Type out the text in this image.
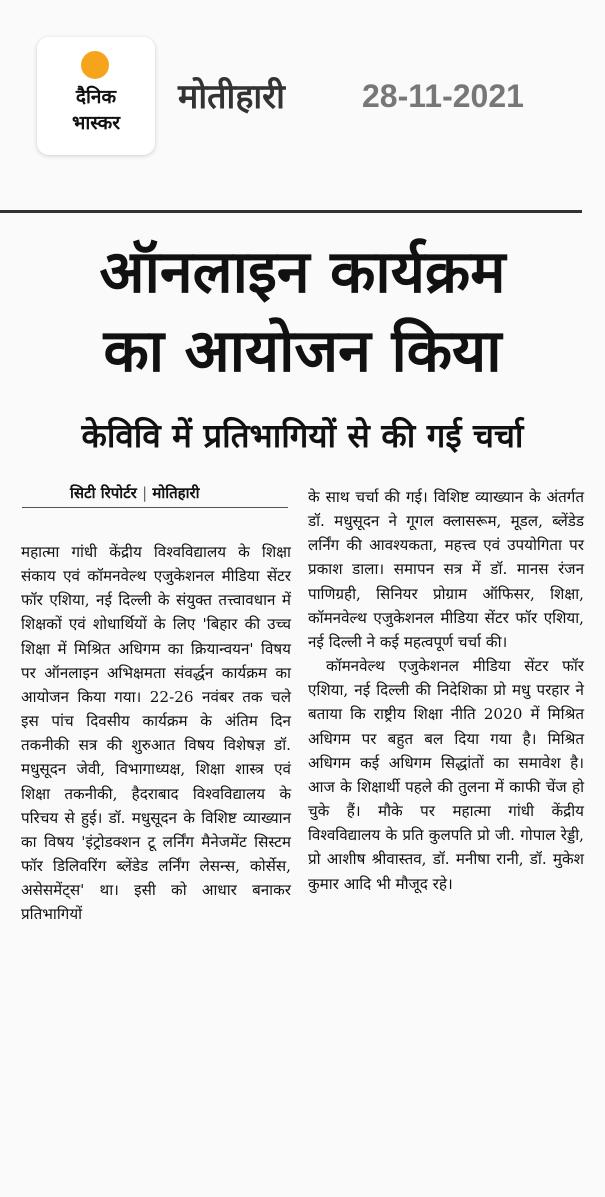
दैनिक
भास्कर
मोतीहारी 28-11-2021
ऑनलाइन कार्यक्रम
का आयोजन किया
केविवि में प्रतिभागियों से की गई चर्चा
सिटी रिपोर्टर | मोतिहारी

महात्मा गांधी केंद्रीय विश्वविद्यालय के शिक्षा संकाय एवं कॉमनवेल्थ एजुकेशनल मीडिया सेंटर फॉर एशिया, नई दिल्ली के संयुक्त तत्त्वावधान में शिक्षकों एवं शोधार्थियों के लिए 'बिहार की उच्च शिक्षा में मिश्रित अधिगम का क्रियान्वयन' विषय पर ऑनलाइन अभिक्षमता संवर्द्धन कार्यक्रम का आयोजन किया गया। 22-26 नवंबर तक चले इस पांच दिवसीय कार्यक्रम के अंतिम दिन तकनीकी सत्र की शुरुआत विषय विशेषज्ञ डॉ. मधुसूदन जेवी, विभागाध्यक्ष, शिक्षा शास्त्र एवं शिक्षा तकनीकी, हैदराबाद विश्वविद्यालय के परिचय से हुई। डॉ. मधुसूदन के विशिष्ट व्याख्यान का विषय 'इंट्रोडक्शन टू लर्निंग मैनेजमेंट सिस्टम फॉर डिलिवरिंग ब्लेंडेड लर्निंग लेसन्स, कोर्सेस, असेसमेंट्स' था। इसी को आधार बनाकर प्रतिभागियों

के साथ चर्चा की गई। विशिष्ट व्याख्यान के अंतर्गत डॉ. मधुसूदन ने गूगल क्लासरूम, मूडल, ब्लेंडेड लर्निंग की आवश्यकता, महत्त्व एवं उपयोगिता पर प्रकाश डाला। समापन सत्र में डॉ. मानस रंजन पाणिग्रही, सिनियर प्रोग्राम ऑफिसर, शिक्षा, कॉमनवेल्थ एजुकेशनल मीडिया सेंटर फॉर एशिया, नई दिल्ली ने कई महत्वपूर्ण चर्चा की।

कॉमनवेल्थ एजुकेशनल मीडिया सेंटर फॉर एशिया, नई दिल्ली की निदेशिका प्रो मधु परहार ने बताया कि राष्ट्रीय शिक्षा नीति 2020 में मिश्रित अधिगम पर बहुत बल दिया गया है। मिश्रित अधिगम कई अधिगम सिद्धांतों का समावेश है। आज के शिक्षार्थी पहले की तुलना में काफी चेंज हो चुके हैं। मौके पर महात्मा गांधी केंद्रीय विश्वविद्यालय के प्रति कुलपति प्रो जी. गोपाल रेड्डी, प्रो आशीष श्रीवास्तव, डॉ. मनीषा रानी, डॉ. मुकेश कुमार आदि भी मौजूद रहे।
